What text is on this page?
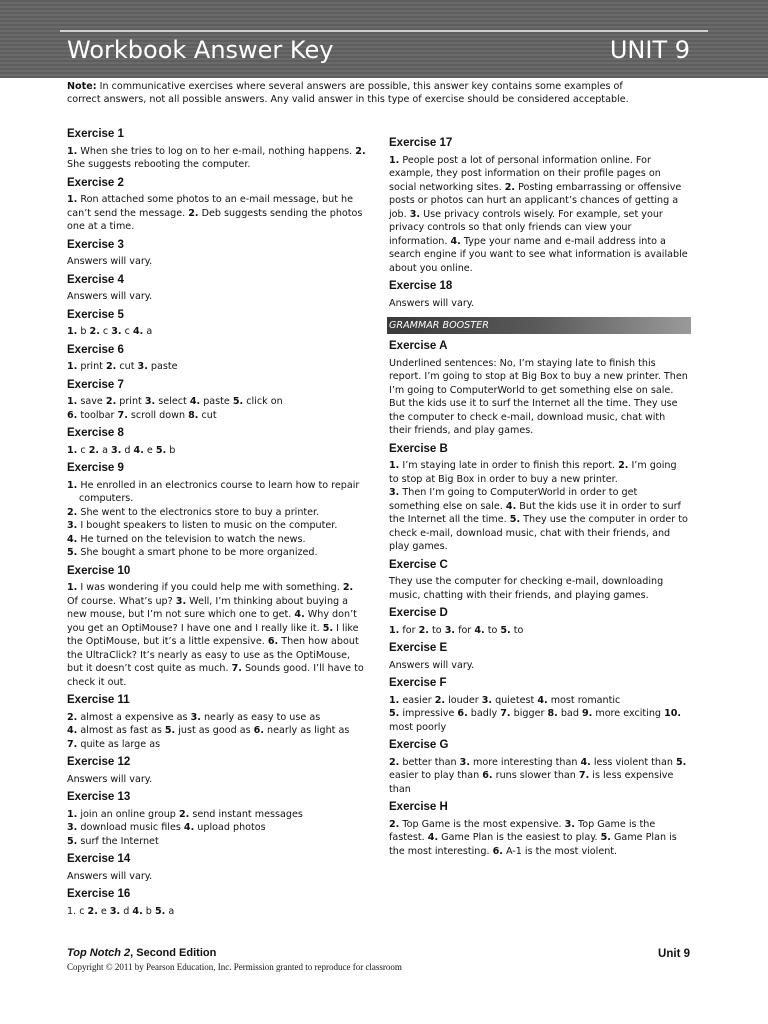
Workbook Answer Key	UNIT 9
Note: In communicative exercises where several answers are possible, this answer key contains some examples of correct answers, not all possible answers. Any valid answer in this type of exercise should be considered acceptable.
Exercise 1

1. When she tries to log on to her e-mail, nothing happens. 2. She suggests rebooting the computer.

Exercise 2

1. Ron attached some photos to an e-mail message, but he can’t send the message. 2. Deb suggests sending the photos one at a time.

Exercise 3

Answers will vary.

Exercise 4

Answers will vary.

Exercise 5

1. b 2. c 3. c 4. a

Exercise 6

1. print 2. cut 3. paste

Exercise 7

1. save 2. print 3. select 4. paste 5. click on
6. toolbar 7. scroll down 8. cut

Exercise 8

1. c 2. a 3. d 4. e 5. b

Exercise 9
1. He enrolled in an electronics course to learn how to repair computers.
2. She went to the electronics store to buy a printer.
3. I bought speakers to listen to music on the computer.
4. He turned on the television to watch the news.
5. She bought a smart phone to be more organized.
Exercise 10

1. I was wondering if you could help me with something. 2. Of course. What’s up? 3. Well, I’m thinking about buying a new mouse, but I’m not sure which one to get. 4. Why don’t you get an OptiMouse? I have one and I really like it. 5. I like the OptiMouse, but it’s a little expensive. 6. Then how about the UltraClick? It’s nearly as easy to use as the OptiMouse, but it doesn’t cost quite as much. 7. Sounds good. I’ll have to check it out.

Exercise 11

2. almost a expensive as 3. nearly as easy to use as
4. almost as fast as 5. just as good as 6. nearly as light as
7. quite as large as

Exercise 12

Answers will vary.

Exercise 13

1. join an online group 2. send instant messages
3. download music files 4. upload photos
5. surf the Internet

Exercise 14

Answers will vary.

Exercise 16

1. c 2. e 3. d 4. b 5. a

Exercise 17

1. People post a lot of personal information online. For example, they post information on their profile pages on social networking sites. 2. Posting embarrassing or offensive posts or photos can hurt an applicant’s chances of getting a job. 3. Use privacy controls wisely. For example, set your privacy controls so that only friends can view your information. 4. Type your name and e-mail address into a search engine if you want to see what information is available about you online.

Exercise 18

Answers will vary.

GRAMMAR BOOSTER
Exercise A

Underlined sentences: No, I’m staying late to finish this report. I’m going to stop at Big Box to buy a new printer. Then I’m going to ComputerWorld to get something else on sale. But the kids use it to surf the Internet all the time. They use the computer to check e-mail, download music, chat with their friends, and play games.

Exercise B

1. I’m staying late in order to finish this report. 2. I’m going to stop at Big Box in order to buy a new printer.
3. Then I’m going to ComputerWorld in order to get something else on sale. 4. But the kids use it in order to surf the Internet all the time. 5. They use the computer in order to check e-mail, download music, chat with their friends, and play games.

Exercise C

They use the computer for checking e-mail, downloading music, chatting with their friends, and playing games.

Exercise D

1. for 2. to 3. for 4. to 5. to

Exercise E

Answers will vary.

Exercise F

1. easier 2. louder 3. quietest 4. most romantic
5. impressive 6. badly 7. bigger 8. bad 9. more exciting 10. most poorly

Exercise G

2. better than 3. more interesting than 4. less violent than 5. easier to play than 6. runs slower than 7. is less expensive than

Exercise H

2. Top Game is the most expensive. 3. Top Game is the fastest. 4. Game Plan is the easiest to play. 5. Game Plan is the most interesting. 6. A-1 is the most violent.

Top Notch 2, Second Edition
Copyright © 2011 by Pearson Education, Inc. Permission granted to reproduce for classroom
Unit 9
